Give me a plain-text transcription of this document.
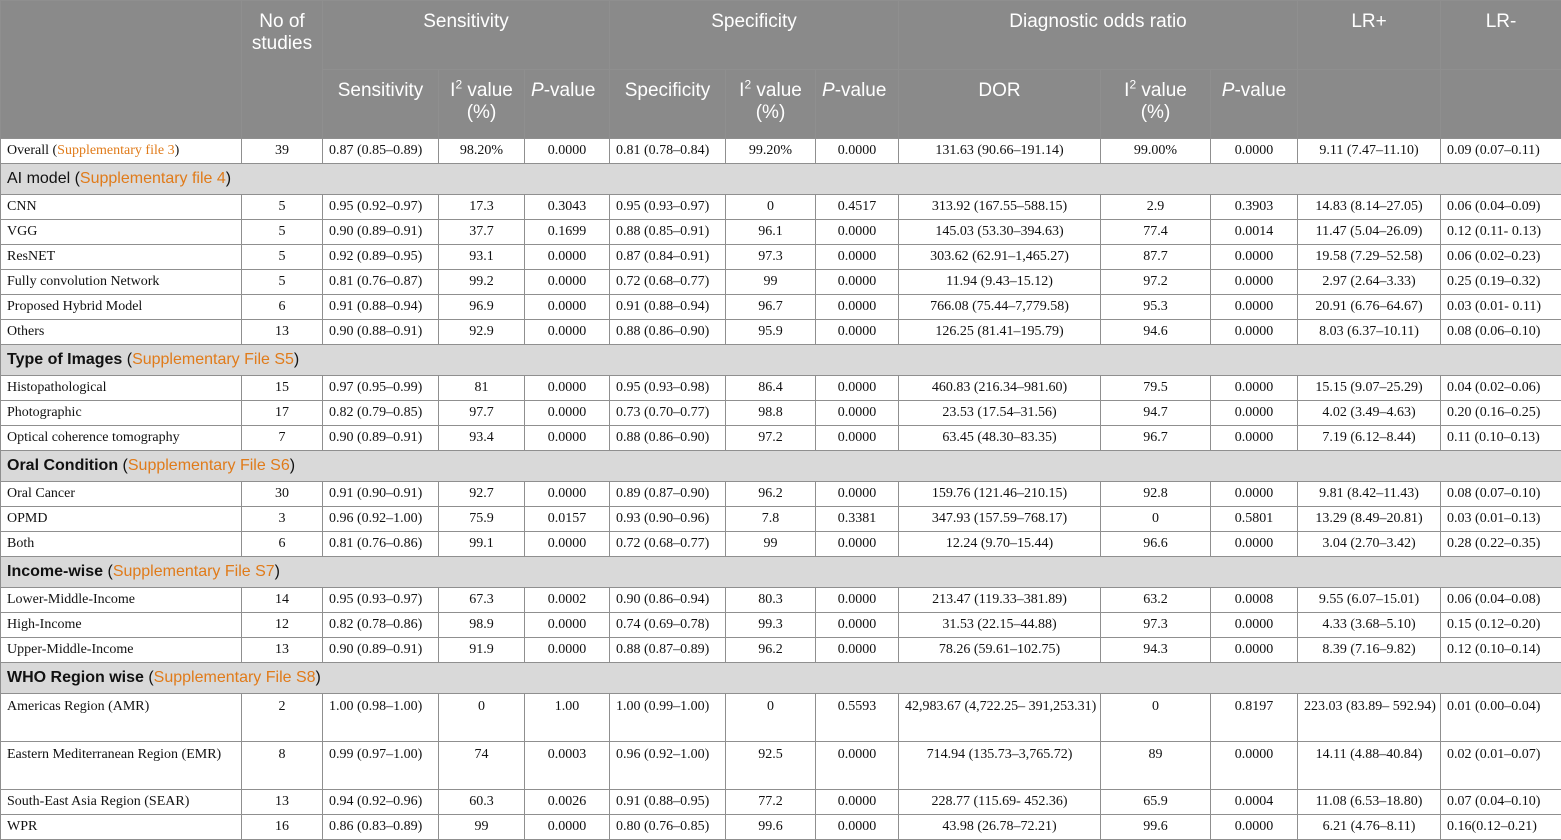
	No of studies	Sensitivity			Specificity			Diagnostic odds ratio			LR+	LR-
		Sensitivity	$I^2$ value (%)	P-value	Specificity	$I^2$ value (%)	P-value	DOR	$I^2$ value (%)	P-value		
Overall (Supplementary file 3)	39	0.87 (0.85–0.89)	98.20%	0.0000	0.81 (0.78–0.84)	99.20%	0.0000	131.63 (90.66–191.14)	99.00%	0.0000	9.11 (7.47–11.10)	0.09 (0.07–0.11)
AI model (Supplementary file 4)												
CNN	5	0.95 (0.92–0.97)	17.3	0.3043	0.95 (0.93–0.97)	0	0.4517	313.92 (167.55–588.15)	2.9	0.3903	14.83 (8.14–27.05)	0.06 (0.04–0.09)
VGG	5	0.90 (0.89–0.91)	37.7	0.1699	0.88 (0.85–0.91)	96.1	0.0000	145.03 (53.30–394.63)	77.4	0.0014	11.47 (5.04–26.09)	0.12 (0.11- 0.13)
ResNET	5	0.92 (0.89–0.95)	93.1	0.0000	0.87 (0.84–0.91)	97.3	0.0000	303.62 (62.91–1,465.27)	87.7	0.0000	19.58 (7.29–52.58)	0.06 (0.02–0.23)
Fully convolution Network	5	0.81 (0.76–0.87)	99.2	0.0000	0.72 (0.68–0.77)	99	0.0000	11.94 (9.43–15.12)	97.2	0.0000	2.97 (2.64–3.33)	0.25 (0.19–0.32)
Proposed Hybrid Model	6	0.91 (0.88–0.94)	96.9	0.0000	0.91 (0.88–0.94)	96.7	0.0000	766.08 (75.44–7,779.58)	95.3	0.0000	20.91 (6.76–64.67)	0.03 (0.01- 0.11)
Others	13	0.90 (0.88–0.91)	92.9	0.0000	0.88 (0.86–0.90)	95.9	0.0000	126.25 (81.41–195.79)	94.6	0.0000	8.03 (6.37–10.11)	0.08 (0.06–0.10)
Type of Images (Supplementary File S5)												
Histopathological	15	0.97 (0.95–0.99)	81	0.0000	0.95 (0.93–0.98)	86.4	0.0000	460.83 (216.34–981.60)	79.5	0.0000	15.15 (9.07–25.29)	0.04 (0.02–0.06)
Photographic	17	0.82 (0.79–0.85)	97.7	0.0000	0.73 (0.70–0.77)	98.8	0.0000	23.53 (17.54–31.56)	94.7	0.0000	4.02 (3.49–4.63)	0.20 (0.16–0.25)
Optical coherence tomography	7	0.90 (0.89–0.91)	93.4	0.0000	0.88 (0.86–0.90)	97.2	0.0000	63.45 (48.30–83.35)	96.7	0.0000	7.19 (6.12–8.44)	0.11 (0.10–0.13)
Oral Condition (Supplementary File S6)												
Oral Cancer	30	0.91 (0.90–0.91)	92.7	0.0000	0.89 (0.87–0.90)	96.2	0.0000	159.76 (121.46–210.15)	92.8	0.0000	9.81 (8.42–11.43)	0.08 (0.07–0.10)
OPMD	3	0.96 (0.92–1.00)	75.9	0.0157	0.93 (0.90–0.96)	7.8	0.3381	347.93 (157.59–768.17)	0	0.5801	13.29 (8.49–20.81)	0.03 (0.01–0.13)
Both	6	0.81 (0.76–0.86)	99.1	0.0000	0.72 (0.68–0.77)	99	0.0000	12.24 (9.70–15.44)	96.6	0.0000	3.04 (2.70–3.42)	0.28 (0.22–0.35)
Income-wise (Supplementary File S7)												
Lower-Middle-Income	14	0.95 (0.93–0.97)	67.3	0.0002	0.90 (0.86–0.94)	80.3	0.0000	213.47 (119.33–381.89)	63.2	0.0008	9.55 (6.07–15.01)	0.06 (0.04–0.08)
High-Income	12	0.82 (0.78–0.86)	98.9	0.0000	0.74 (0.69–0.78)	99.3	0.0000	31.53 (22.15–44.88)	97.3	0.0000	4.33 (3.68–5.10)	0.15 (0.12–0.20)
Upper-Middle-Income	13	0.90 (0.89–0.91)	91.9	0.0000	0.88 (0.87–0.89)	96.2	0.0000	78.26 (59.61–102.75)	94.3	0.0000	8.39 (7.16–9.82)	0.12 (0.10–0.14)
WHO Region wise (Supplementary File S8)												
Americas Region (AMR)	2	1.00 (0.98–1.00)	0	1.00	1.00 (0.99–1.00)	0	0.5593	42,983.67 (4,722.25– 391,253.31)	0	0.8197	223.03 (83.89– 592.94)	0.01 (0.00–0.04)
Eastern Mediterranean Region (EMR)	8	0.99 (0.97–1.00)	74	0.0003	0.96 (0.92–1.00)	92.5	0.0000	714.94 (135.73–3,765.72)	89	0.0000	14.11 (4.88–40.84)	0.02 (0.01–0.07)
South-East Asia Region (SEAR)	13	0.94 (0.92–0.96)	60.3	0.0026	0.91 (0.88–0.95)	77.2	0.0000	228.77 (115.69- 452.36)	65.9	0.0004	11.08 (6.53–18.80)	0.07 (0.04–0.10)
WPR	16	0.86 (0.83–0.89)	99	0.0000	0.80 (0.76–0.85)	99.6	0.0000	43.98 (26.78–72.21)	99.6	0.0000	6.21 (4.76–8.11)	0.16(0.12–0.21)
